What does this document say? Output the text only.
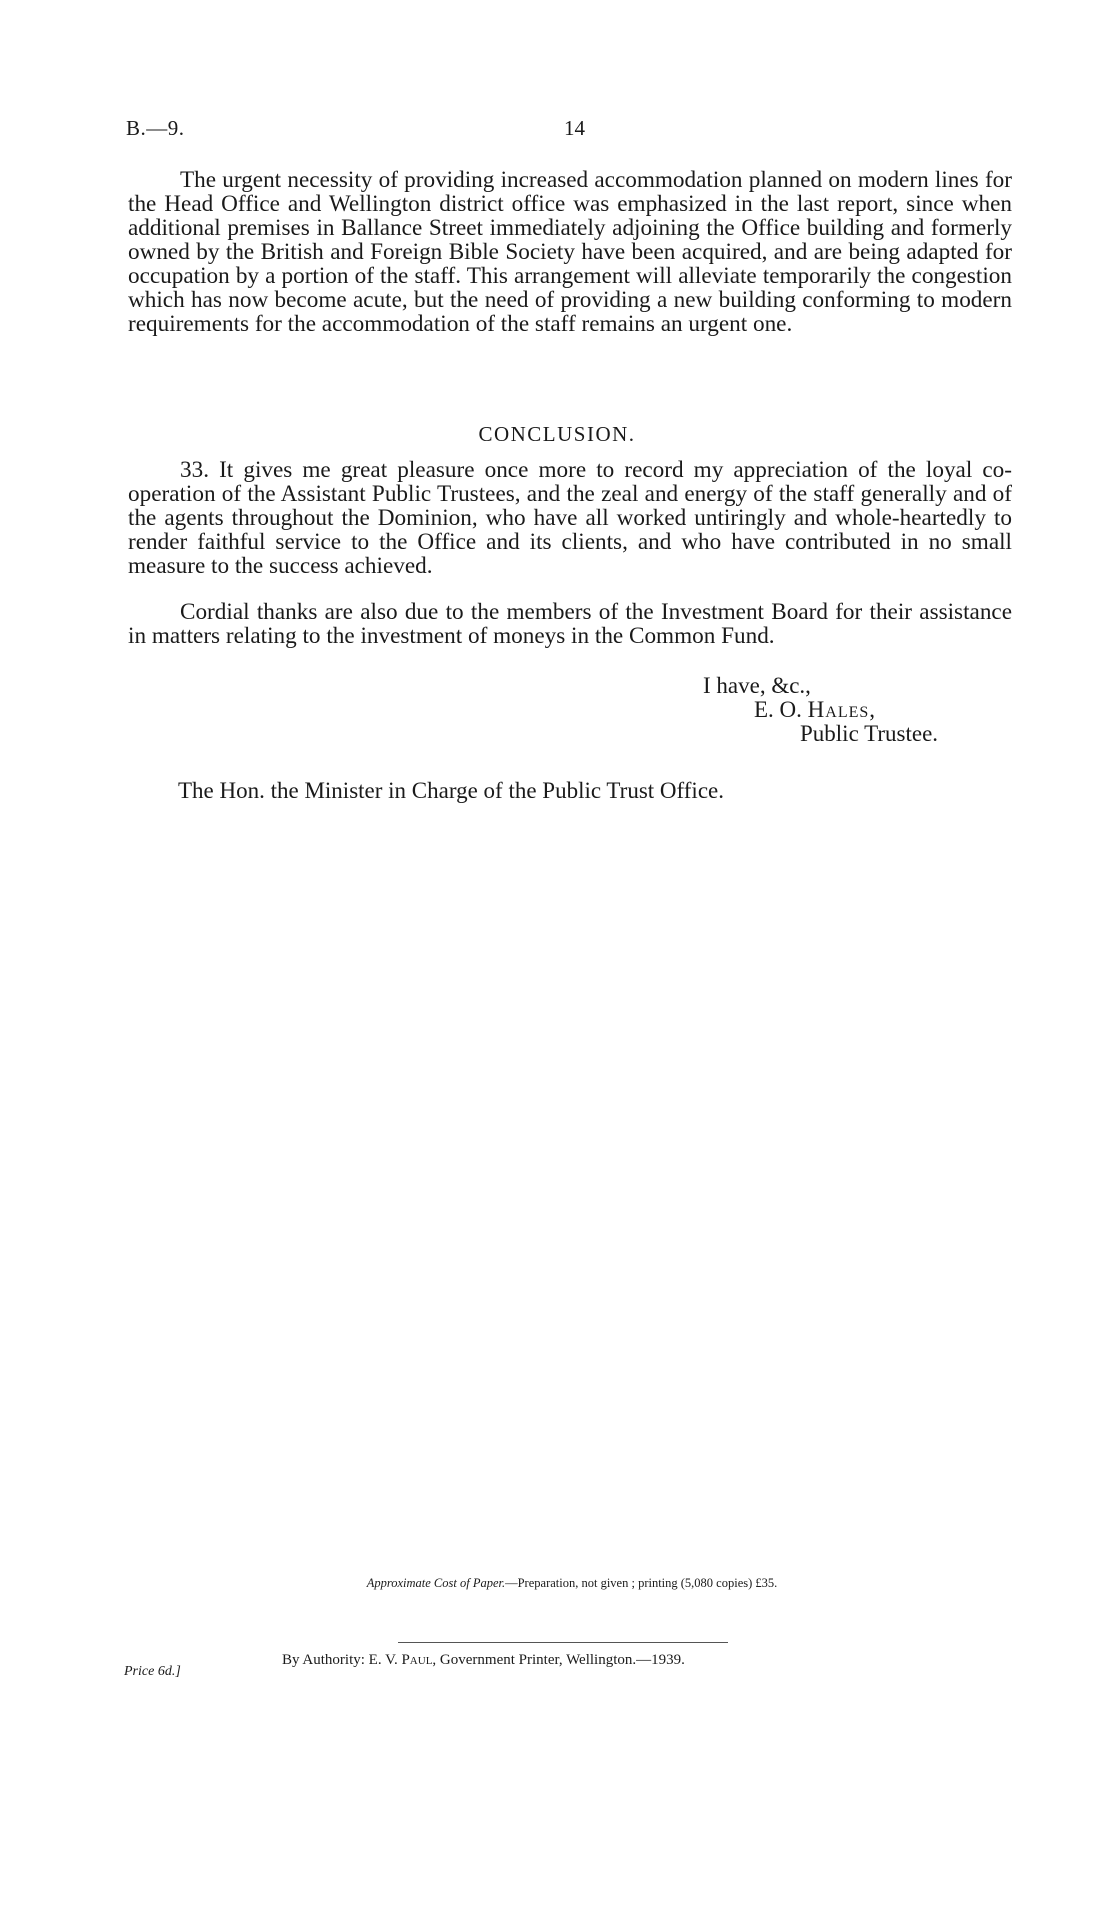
B.—9.	14

The urgent necessity of providing increased accommodation planned on modern lines for the Head Office and Wellington district office was emphasized in the last report, since when additional premises in Ballance Street immediately adjoining the Office building and formerly owned by the British and Foreign Bible Society have been acquired, and are being adapted for occupation by a portion of the staff. This arrangement will alleviate temporarily the congestion which has now become acute, but the need of providing a new building conforming to modern requirements for the accommodation of the staff remains an urgent one.

CONCLUSION.

33. It gives me great pleasure once more to record my appreciation of the loyal co-operation of the Assistant Public Trustees, and the zeal and energy of the staff generally and of the agents throughout the Dominion, who have all worked untiringly and whole-heartedly to render faithful service to the Office and its clients, and who have contributed in no small measure to the success achieved.

Cordial thanks are also due to the members of the Investment Board for their assistance in matters relating to the investment of moneys in the Common Fund.

I have, &c.,
E. O. Hales,
Public Trustee.
The Hon. the Minister in Charge of the Public Trust Office.
Approximate Cost of Paper.—Preparation, not given ; printing (5,080 copies) £35.
By Authority: E. V. Paul, Government Printer, Wellington.—1939.
Price 6d.]
